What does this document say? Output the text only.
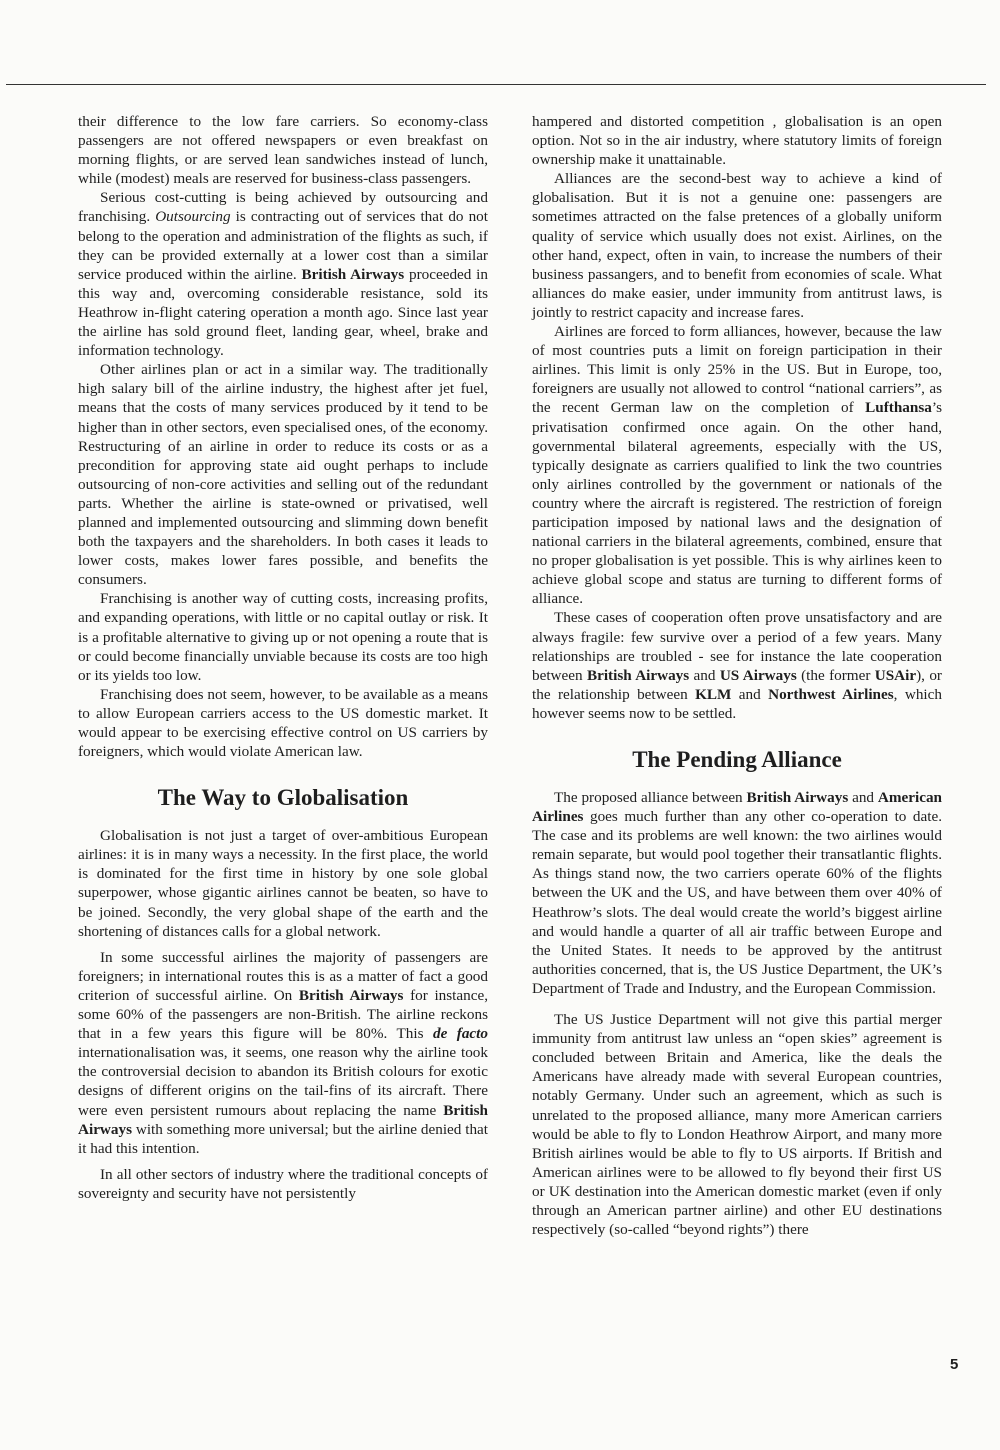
their difference to the low fare carriers. So economy-class passengers are not offered newspapers or even breakfast on morning flights, or are served lean sandwiches instead of lunch, while (modest) meals are reserved for business-class passengers.

Serious cost-cutting is being achieved by outsourcing and franchising. Outsourcing is contracting out of services that do not belong to the operation and administration of the flights as such, if they can be provided externally at a lower cost than a similar service produced within the airline. British Airways proceeded in this way and, overcoming considerable resistance, sold its Heathrow in-flight catering operation a month ago. Since last year the airline has sold ground fleet, landing gear, wheel, brake and information technology.

Other airlines plan or act in a similar way. The traditionally high salary bill of the airline industry, the highest after jet fuel, means that the costs of many services produced by it tend to be higher than in other sectors, even specialised ones, of the economy. Restructuring of an airline in order to reduce its costs or as a precondition for approving state aid ought perhaps to include outsourcing of non-core activities and selling out of the redundant parts. Whether the airline is state-owned or privatised, well planned and implemented outsourcing and slimming down benefit both the taxpayers and the shareholders. In both cases it leads to lower costs, makes lower fares possible, and benefits the consumers.

Franchising is another way of cutting costs, increasing profits, and expanding operations, with little or no capital outlay or risk. It is a profitable alternative to giving up or not opening a route that is or could become financially unviable because its costs are too high or its yields too low.

Franchising does not seem, however, to be available as a means to allow European carriers access to the US domestic market. It would appear to be exercising effective control on US carriers by foreigners, which would violate American law.

The Way to Globalisation

Globalisation is not just a target of over-ambitious European airlines: it is in many ways a necessity. In the first place, the world is dominated for the first time in history by one sole global superpower, whose gigantic airlines cannot be beaten, so have to be joined. Secondly, the very global shape of the earth and the shortening of distances calls for a global network.

In some successful airlines the majority of passengers are foreigners; in international routes this is as a matter of fact a good criterion of successful airline. On British Airways for instance, some 60% of the passengers are non-British. The airline reckons that in a few years this figure will be 80%. This de facto internationalisation was, it seems, one reason why the airline took the controversial decision to abandon its British colours for exotic designs of different origins on the tail-fins of its aircraft. There were even persistent rumours about replacing the name British Airways with something more universal; but the airline denied that it had this intention.

In all other sectors of industry where the traditional concepts of sovereignty and security have not persistently

hampered and distorted competition , globalisation is an open option. Not so in the air industry, where statutory limits of foreign ownership make it unattainable.

Alliances are the second-best way to achieve a kind of globalisation. But it is not a genuine one: passengers are sometimes attracted on the false pretences of a globally uniform quality of service which usually does not exist. Airlines, on the other hand, expect, often in vain, to increase the numbers of their business passangers, and to benefit from economies of scale. What alliances do make easier, under immunity from antitrust laws, is jointly to restrict capacity and increase fares.

Airlines are forced to form alliances, however, because the law of most countries puts a limit on foreign participation in their airlines. This limit is only 25% in the US. But in Europe, too, foreigners are usually not allowed to control “national carriers”, as the recent German law on the completion of Lufthansa’s privatisation confirmed once again. On the other hand, governmental bilateral agreements, especially with the US, typically designate as carriers qualified to link the two countries only airlines controlled by the government or nationals of the country where the aircraft is registered. The restriction of foreign participation imposed by national laws and the designation of national carriers in the bilateral agreements, combined, ensure that no proper globalisation is yet possible. This is why airlines keen to achieve global scope and status are turning to different forms of alliance.

These cases of cooperation often prove unsatisfactory and are always fragile: few survive over a period of a few years. Many relationships are troubled - see for instance the late cooperation between British Airways and US Airways (the former USAir), or the relationship between KLM and Northwest Airlines, which however seems now to be settled.

The Pending Alliance

The proposed alliance between British Airways and American Airlines goes much further than any other co-operation to date. The case and its problems are well known: the two airlines would remain separate, but would pool together their transatlantic flights. As things stand now, the two carriers operate 60% of the flights between the UK and the US, and have between them over 40% of Heathrow’s slots. The deal would create the world’s biggest airline and would handle a quarter of all air traffic between Europe and the United States. It needs to be approved by the antitrust authorities concerned, that is, the US Justice Department, the UK’s Department of Trade and Industry, and the European Commission.

The US Justice Department will not give this partial merger immunity from antitrust law unless an “open skies” agreement is concluded between Britain and America, like the deals the Americans have already made with several European countries, notably Germany. Under such an agreement, which as such is unrelated to the proposed alliance, many more American carriers would be able to fly to London Heathrow Airport, and many more British airlines would be able to fly to US airports. If British and American airlines were to be allowed to fly beyond their first US or UK destination into the American domestic market (even if only through an American partner airline) and other EU destinations respectively (so-called “beyond rights”) there

5
